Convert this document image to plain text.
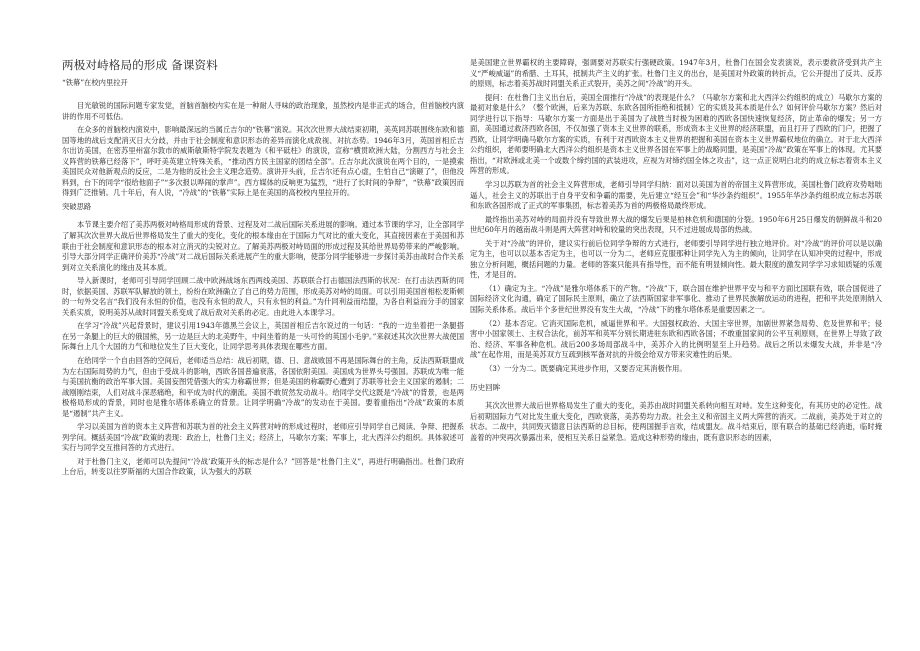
两极对峙格局的形成 备课资料
“铁幕”在校内里拉开

目光敏锐的国际问题专家发觉，首脑首脑校内实在是一种耐人寻味的政治现象，虽然校内是非正式的场合，但首脑校内演讲的作用不可低估。

在众多的首脑校内演说中，影响最深远的当属丘吉尔的“铁幕”演说。其次次世界大战结束初期，美英同苏联围绕东欧和德国等地的战后支配消灭日大分歧，并由于社会制度和意识形态的差异而演化成敌视、对抗态势。1946年3月，英国首相丘吉尔出访美国，在密苏里州富尔敦市的威斯敏斯特学院发表题为《和平砥柱》的演说，宣称“横贯欧洲大陆，分割西方与社会主义阵营的铁幕已经落下”，呼吁美英建立特殊关系，“推动西方民主国家的团结全部”。丘吉尔此次演说在两个目的，一是摸索美国民众对他新观点的反应，二是为他的反社会主义理念造势。演讲开头前，丘吉尔还有点心虚，生怕自己“演砸了”，但他没料到，台下的同学“很给他面子”“多次报以哗闹的掌声”。西方媒体的反响更为猛烈，“进行了长时间的争辩”，“铁幕”政策因而得到广泛推销。几十年后，有人说，“冷战”的“铁幕”实际上是在美国的高校校内里拉开的。

突破思路

本节课主要介绍了美苏两极对峙格局形成的背景、过程及对二战后国际关系进展的影响。通过本节课的学习，让全部同学了解其次次世界大战后世界格局发生了重大的变化，变化的根本缘由在于国际力气对比的重大变化，其直接因素在于美国和苏联由于社会制度和意识形态的根本对立消灭的尖锐对立。了解美苏两极对峙局面的形成过程及其给世界局势带来的严峻影响。引导大部分同学正确评价美苏“冷战”对二战后国际关系进展产生的重大影响，使部分同学能够进一步探讨美苏由战时合作关系到对立关系演化的缘由及其本质。

导入新课时，老师可引导同学回顾二战中欧洲战场东西两线美国、苏联联合打击德国法西斯的状况：在打击法西斯的同时，依据美国、苏联军队解放的领土，纷纷在欧洲确立了自己的势力范围，形成美苏对峙的局面。可以引用美国首相松麦斯顿的一句外交名言“我们没有永恒的价值，也没有永恒的敌人，只有永恒的利益。”为什同利益而结盟，为各自利益而分手的国家关系实质，说明美苏从战时同盟关系变成了战后敌对关系的必定。由此进入本课学习。

在学习“冷战”兴起背景时，建议引用1943年德黑兰会议上，英国首相丘吉尔说过的一句话：“我的一边坐着把一条腿搭在另一条腿上的巨大的俄国熊，另一边是巨大的北美野牛，中间坐着的是一头可怜的英国小毛驴。”来叙述其次次世界大战使国际舞台上几个大国的力气和地位发生了巨大变化，让同学思考具体表现在哪些方面。

在给同学一个自由回答的空间后，老师适当总结：战后初期，德、日、意战败国不再是国际舞台的主角，反法西斯联盟成为左右国际局势的力气，但由于受战斗的影响，西欧各国普遍衰落，各国依附美国。美国成为世界头号强国。苏联成为唯一能与美国抗衡的政治军事大国。美国妄图凭借强大的实力称霸世界；但是美国的称霸野心遭到了苏联等社会主义国家的遏制；二战刚刚结束，人们对战斗深恶痛绝，和平成为时代的潮流。美国不敢贸然发动战斗。给同学交代这既是“冷战”的背景，也是两极格局形成的背景，同时也是雅尔塔体系确立的背景。让同学明确“冷战”的发动在于美国。要着重指出“冷战”政策的本质是“遏制”共产主义。

学习以美国为首的资本主义阵营和苏联为首的社会主义阵营对峙的形成过程时，老师应引导同学自己阅读、争辩、把握系列学问。概括美国“冷战”政策的表现：政治上，杜鲁门主义；经济上，马歇尔方案；军事上，北大西洋公约组织。具体叙述可实行与同学交互推问答的方式进行。

对于杜鲁门主义，老师可以先提问“‘冷战’政策开头的标志是什么？”回答是“杜鲁门主义”，再进行明确指出。杜鲁门政府上台后，转变以往罗斯福的大国合作政策，认为强大的苏联

是美国建立世界霸权的主要障碍，强调要对苏联实行强硬政策。1947年3月，杜鲁门在国会发表演说，表示要救济受到共产主义“严峻威逼”的希腊、土耳其，抵制共产主义的扩张。杜鲁门主义的出台，是美国对外政策的转折点，它公开提出了反共、反苏的原则，标志着美苏战时同盟关系正式裂开，美苏之间“冷战”的开头。

提问：在杜鲁门主义出台后，美国全面推行“冷战”的表现是什么？（马歇尔方案和北大西洋公约组织的成立）马歇尔方案的最初对象是什么？（整个欧洲，后来为苏联、东欧各国所拒绝和抵制）它的实质及其本质是什么？如何评价马歇尔方案？然后对同学进行以下指导：马歇尔方案一方面是出于美国为了战胜当时极为困难的西欧各国快速恢复经济，防止革命的爆发；另一方面，美国通过救济西欧各国，不仅加强了资本主义世界的联系，形成资本主义世界的经济联盟，而且打开了西欧的门户，把握了西欧，让同学明确马歇尔方案的实质，有利于对西欧资本主义世界的把握和美国在资本主义世界霸权地位的确立。对于北大西洋公约组织，老师要明确北大西洋公约组织是资本主义世界各国在军事上的战略同盟，是美国“冷战”政策在军事上的体现。尤其要指出，“对欧洲或北美一个或数个缔约国的武装进攻，应视为对缔约国全体之攻击”，这一点正说明白北约的成立标志着资本主义阵营的形成。

学习以苏联为首的社会主义阵营形成，老师引导同学归纳：面对以美国为首的帝国主义阵营形成，美国杜鲁门政府攻势咄咄逼人，社会主义的苏联出于自身平安和争霸的需要，先后建立“经互会”和“华沙条约组织”。1955年华沙条约组织成立标志苏联和东欧各国形成了正式的军事集团，标志着美苏为首的两极格局最终形成。

最终指出美苏对峙的局面并没有导致世界大战的爆发后果是柏林危机和德国的分裂。1950年6月25日爆发的朝鲜战斗和20世纪60年月的越南战斗则是两大阵营对峙和较量的突出表现，只不过进展成局部的热战。

关于对“冷战”的评价，建议实行前后位同学争辩的方式进行，老师要引导同学进行独立地评价。对“冷战”的评价可以是以确定为主，也可以以基本否定为主，也可以一分为二，老师应克服那种让同学先入为主的倾向，让同学在认知冲突的过程中，形成独立分析问题，概括问题的力量。老师的答案只能具有指导性，而不能有明显倾向性。最大限度的激发同学学习求知质疑的乐观性，才是目的。

（1）确定为主。“冷战”是雅尔塔体系下的产物。“冷战”下，联合国在维护世界平安与和平方面比国联有效，联合国促进了国际经济文化沟通，确定了国际民主原则，确立了法西斯国家非军事化、推动了世界民族解放运动的进程，把和平共处原则纳入国际关系体系。战后半个多世纪世界没有发生大战，“冷战”下的雅尔塔体系是重要因素之一。

（2）基本否定。它消灭国际危机，威逼世界和平。大国强权政治、大国主宰世界，加剧世界紧急局势、危及世界和平；侵害中小国家领土、主权合法化，前苏军和英军分别长期进驻东欧和西欧各国；不敢重国家间的公平互利原则，在世界上导致了政治、经济、军事各种危机。战后200多场局部战斗中，美苏介入的比例明显至上升趋势。战后之所以未爆发大战，并非是“冷战”在起作用，而是美苏双方互疏到核军备对抗的升级会给双方带来灾难性的后果。

（3）一分为二。既要确定其进步作用，又要否定其消极作用。

历史回眸

其次次世界大战后世界格局发生了重大的变化，美苏由战时同盟关系转向相互对峙。发生这种变化，有其历史的必定性。战后初期国际力气对比发生重大变化，西欧衰落，美苏势均力敌。社会主义和帝国主义两大阵营的消灭。二战前，美苏处于对立的状态。二战中，共同毁灭德意日法西斯的总目标，使两国握手言欢，结成盟友。战斗结束后，原有联合的基础已经消逝，临时掩盖着的冲突再次暴露出来，使相互关系日益紧急。造成这种形势的缘由，既有意识形态的因素，
